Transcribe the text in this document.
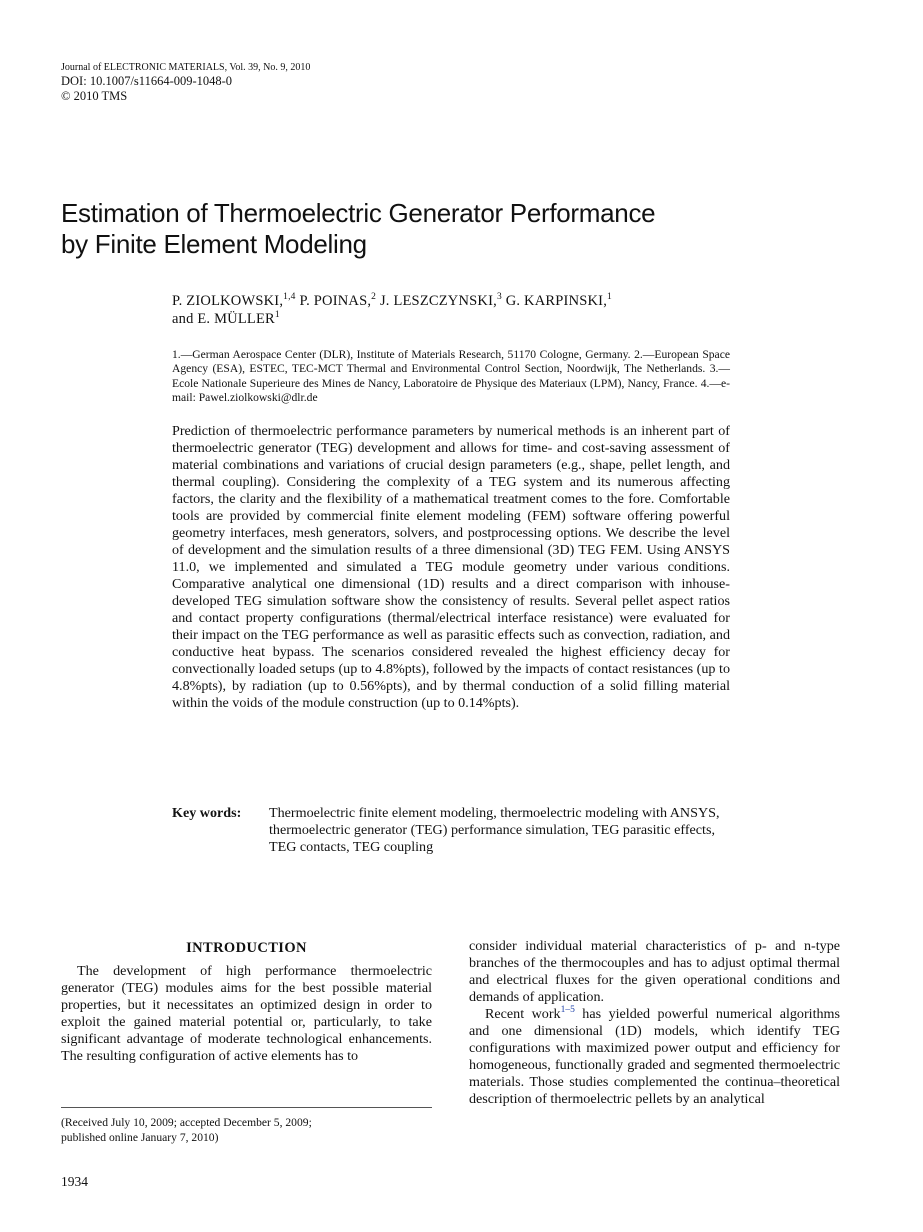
Journal of ELECTRONIC MATERIALS, Vol. 39, No. 9, 2010
DOI: 10.1007/s11664-009-1048-0
© 2010 TMS
Estimation of Thermoelectric Generator Performance
by Finite Element Modeling
P. ZIOLKOWSKI,$^{1,4}$ P. POINAS,$^2$ J. LESZCZYNSKI,$^3$ G. KARPINSKI,$^1$
and E. MÜLLER$^1$
1.—German Aerospace Center (DLR), Institute of Materials Research, 51170 Cologne, Germany. 2.—European Space Agency (ESA), ESTEC, TEC-MCT Thermal and Environmental Control Section, Noordwijk, The Netherlands. 3.—Ecole Nationale Superieure des Mines de Nancy, Laboratoire de Physique des Materiaux (LPM), Nancy, France. 4.—e-mail: Pawel.ziolkowski@dlr.de
Prediction of thermoelectric performance parameters by numerical methods is an inherent part of thermoelectric generator (TEG) development and allows for time- and cost-saving assessment of material combinations and variations of crucial design parameters (e.g., shape, pellet length, and thermal coupling). Considering the complexity of a TEG system and its numerous affecting factors, the clarity and the flexibility of a mathematical treatment comes to the fore. Comfortable tools are provided by commercial finite element modeling (FEM) software offering powerful geometry interfaces, mesh generators, solvers, and postprocessing options. We describe the level of development and the simulation results of a three dimensional (3D) TEG FEM. Using ANSYS 11.0, we implemented and simulated a TEG module geometry under various conditions. Comparative analytical one dimensional (1D) results and a direct comparison with inhouse-developed TEG simulation software show the consistency of results. Several pellet aspect ratios and contact property configurations (thermal/electrical interface resistance) were evaluated for their impact on the TEG performance as well as parasitic effects such as convection, radiation, and conductive heat bypass. The scenarios considered revealed the highest efficiency decay for convectionally loaded setups (up to 4.8%pts), followed by the impacts of contact resistances (up to 4.8%pts), by radiation (up to 0.56%pts), and by thermal conduction of a solid filling material within the voids of the module construction (up to 0.14%pts).
Key words: Thermoelectric finite element modeling, thermoelectric modeling with ANSYS, thermoelectric generator (TEG) performance simulation, TEG parasitic effects, TEG contacts, TEG coupling
INTRODUCTION

The development of high performance thermoelectric generator (TEG) modules aims for the best possible material properties, but it necessitates an optimized design in order to exploit the gained material potential or, particularly, to take significant advantage of moderate technological enhancements. The resulting configuration of active elements has to

consider individual material characteristics of p- and n-type branches of the thermocouples and has to adjust optimal thermal and electrical fluxes for the given operational conditions and demands of application.

Recent work$^{1-5}$ has yielded powerful numerical algorithms and one dimensional (1D) models, which identify TEG configurations with maximized power output and efficiency for homogeneous, functionally graded and segmented thermoelectric materials. Those studies complemented the continua–theoretical description of thermoelectric pellets by an analytical

(Received July 10, 2009; accepted December 5, 2009;
published online January 7, 2010)
1934
